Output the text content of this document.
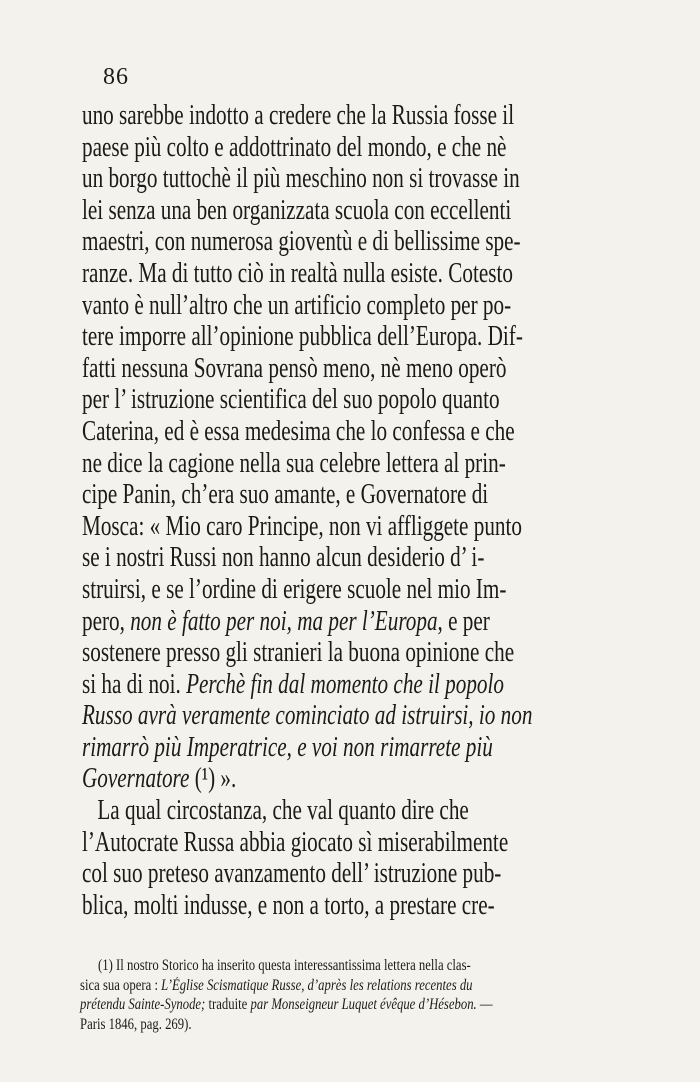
86
uno sarebbe indotto a credere che la Russia fosse il
paese più colto e addottrinato del mondo, e che nè
un borgo tuttochè il più meschino non si trovasse in
lei senza una ben organizzata scuola con eccellenti
maestri, con numerosa gioventù e di bellissime spe-
ranze. Ma di tutto ciò in realtà nulla esiste. Cotesto
vanto è null’altro che un artificio completo per po-
tere imporre all’opinione pubblica dell’Europa. Dif-
fatti nessuna Sovrana pensò meno, nè meno operò
per l’ istruzione scientifica del suo popolo quanto
Caterina, ed è essa medesima che lo confessa e che
ne dice la cagione nella sua celebre lettera al prin-
cipe Panin, ch’era suo amante, e Governatore di
Mosca: « Mio caro Principe, non vi affliggete punto
se i nostri Russi non hanno alcun desiderio d’ i-
struirsi, e se l’ordine di erigere scuole nel mio Im-
pero, non è fatto per noi, ma per l’Europa, e per
sostenere presso gli stranieri la buona opinione che
si ha di noi. Perchè fin dal momento che il popolo
Russo avrà veramente cominciato ad istruirsi, io non
rimarrò più Imperatrice, e voi non rimarrete più
Governatore (¹) ».
La qual circostanza, che val quanto dire che
l’Autocrate Russa abbia giocato sì miserabilmente
col suo preteso avanzamento dell’ istruzione pub-
blica, molti indusse, e non a torto, a prestare cre-
(1) Il nostro Storico ha inserito questa interessantissima lettera nella clas-
sica sua opera : L’Église Scismatique Russe, d’après les relations recentes du
prétendu Sainte-Synode; traduite par Monseigneur Luquet évêque d’Hésebon. —
Paris 1846, pag. 269).
